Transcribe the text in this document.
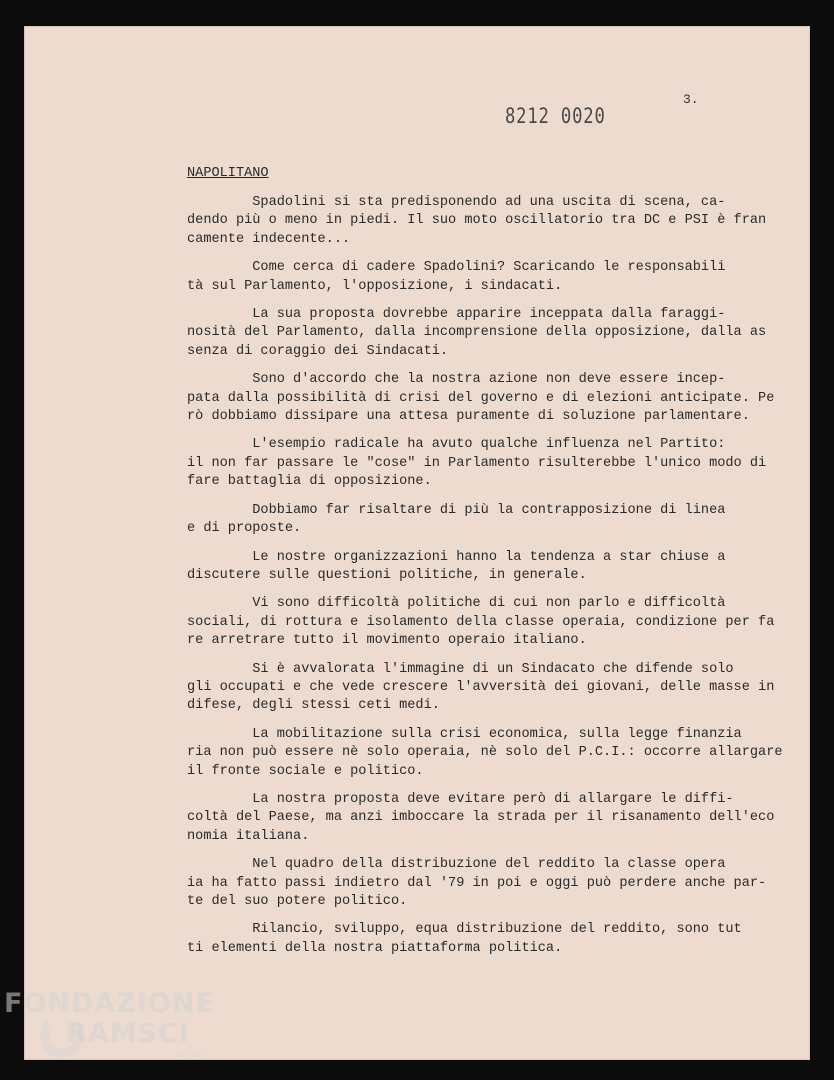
8212 0020
3.
NAPOLITANO

Spadolini si sta predisponendo ad una uscita di scena, ca-
dendo più o meno in piedi. Il suo moto oscillatorio tra DC e PSI è fran
camente indecente...

Come cerca di cadere Spadolini? Scaricando le responsabili
tà sul Parlamento, l'opposizione, i sindacati.

La sua proposta dovrebbe apparire inceppata dalla faraggi-
nosità del Parlamento, dalla incomprensione della opposizione, dalla as
senza di coraggio dei Sindacati.

Sono d'accordo che la nostra azione non deve essere incep-
pata dalla possibilità di crisi del governo e di elezioni anticipate. Pe
rò dobbiamo dissipare una attesa puramente di soluzione parlamentare.

L'esempio radicale ha avuto qualche influenza nel Partito:
il non far passare le "cose" in Parlamento risulterebbe l'unico modo di
fare battaglia di opposizione.

Dobbiamo far risaltare di più la contrapposizione di linea
e di proposte.

Le nostre organizzazioni hanno la tendenza a star chiuse a
discutere sulle questioni politiche, in generale.

Vi sono difficoltà politiche di cui non parlo e difficoltà
sociali, di rottura e isolamento della classe operaia, condizione per fa
re arretrare tutto il movimento operaio italiano.

Si è avvalorata l'immagine di un Sindacato che difende solo
gli occupati e che vede crescere l'avversità dei giovani, delle masse in
difese, degli stessi ceti medi.

La mobilitazione sulla crisi economica, sulla legge finanzia
ria non può essere nè solo operaia, nè solo del P.C.I.: occorre allargare
il fronte sociale e politico.

La nostra proposta deve evitare però di allargare le diffi-
coltà del Paese, ma anzi imboccare la strada per il risanamento dell'eco
nomia italiana.

Nel quadro della distribuzione del reddito la classe opera
ia ha fatto passi indietro dal '79 in poi e oggi può perdere anche par-
te del suo potere politico.

Rilancio, sviluppo, equa distribuzione del reddito, sono tut
ti elementi della nostra piattaforma politica.

FONDAZIONE
RAMSCI
onlus
